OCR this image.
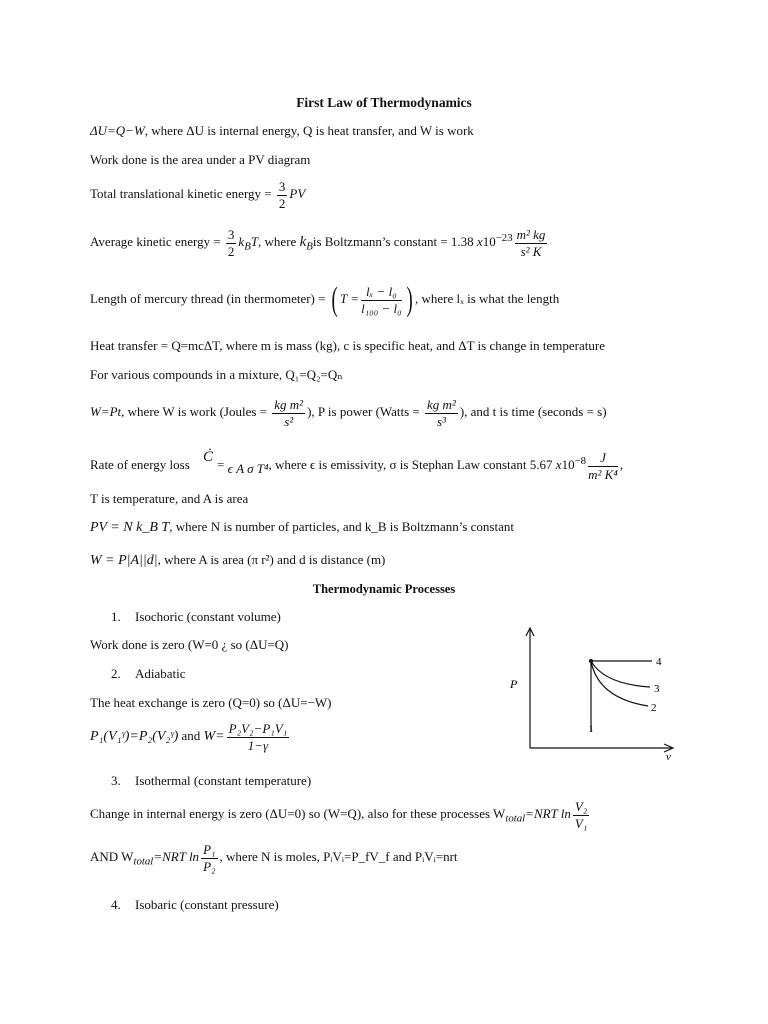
First Law of Thermodynamics
ΔU=Q−W, where ΔU is internal energy, Q is heat transfer, and W is work
Work done is the area under a PV diagram
Total translational kinetic energy = $\frac{3}{2}$ PV
Average kinetic energy = $\frac{3}{2} k_BT$, where $k_Bis$ Boltzmann’s constant = 1.38 $x10^{-23} \frac{\text{m² kg}}{\text{s² K}}$
Length of mercury thread (in thermometer) = ( $T = \frac{\text{lₓ − l₀}}{\text{l₁₀₀ − l₀}}$ ) , where lₓ is what the length
Heat transfer = Q=mcΔT, where m is mass (kg), c is specific heat, and ΔT is change in temperature
For various compounds in a mixture, Q₁=Q₂=Qₙ
W=Pt, where W is work (Joules = $\frac{\text{kg m²}}{\text{s²}}$ ), P is power (Watts = $\frac{\text{kg m²}}{\text{s³}}$ ), and t is time (seconds = s)
Rate of energy loss Ċ = ϵ A σ T⁴, where ϵ is emissivity, σ is Stephan Law constant 5.67 $x10^{-8} \frac{J}{\text{m² K⁴}}$ ,
T is temperature, and A is area
PV = N k_B T, where N is number of particles, and k_B is Boltzmann’s constant
W = P|A||d|, where A is area (π r²) and d is distance (m)
Thermodynamic Processes
1. Isochoric (constant volume)
Work done is zero (W=0 ¿ so (ΔU=Q)
2. Adiabatic
The heat exchange is zero (Q=0) so (ΔU=−W)
P₁(V₁ᵞ)=P₂(V₂ᵞ) and $W= \frac{\text{P₂V₂−P₁V₁}}{1-\gamma}$
3. Isothermal (constant temperature)
Change in internal energy is zero (ΔU=0) so (W=Q), also for these processes $W_{total}=NRT$ $\ln \frac{\text{V₂}}{\text{V₁}}$
AND $W_{total}=NRT$ $\ln \frac{\text{P₁}}{\text{P₂}}$ , where N is moles, PᵢVᵢ=P_fV_f and PᵢVᵢ=nrt
4. Isobaric (constant pressure)
P
v
4
3
2
1
